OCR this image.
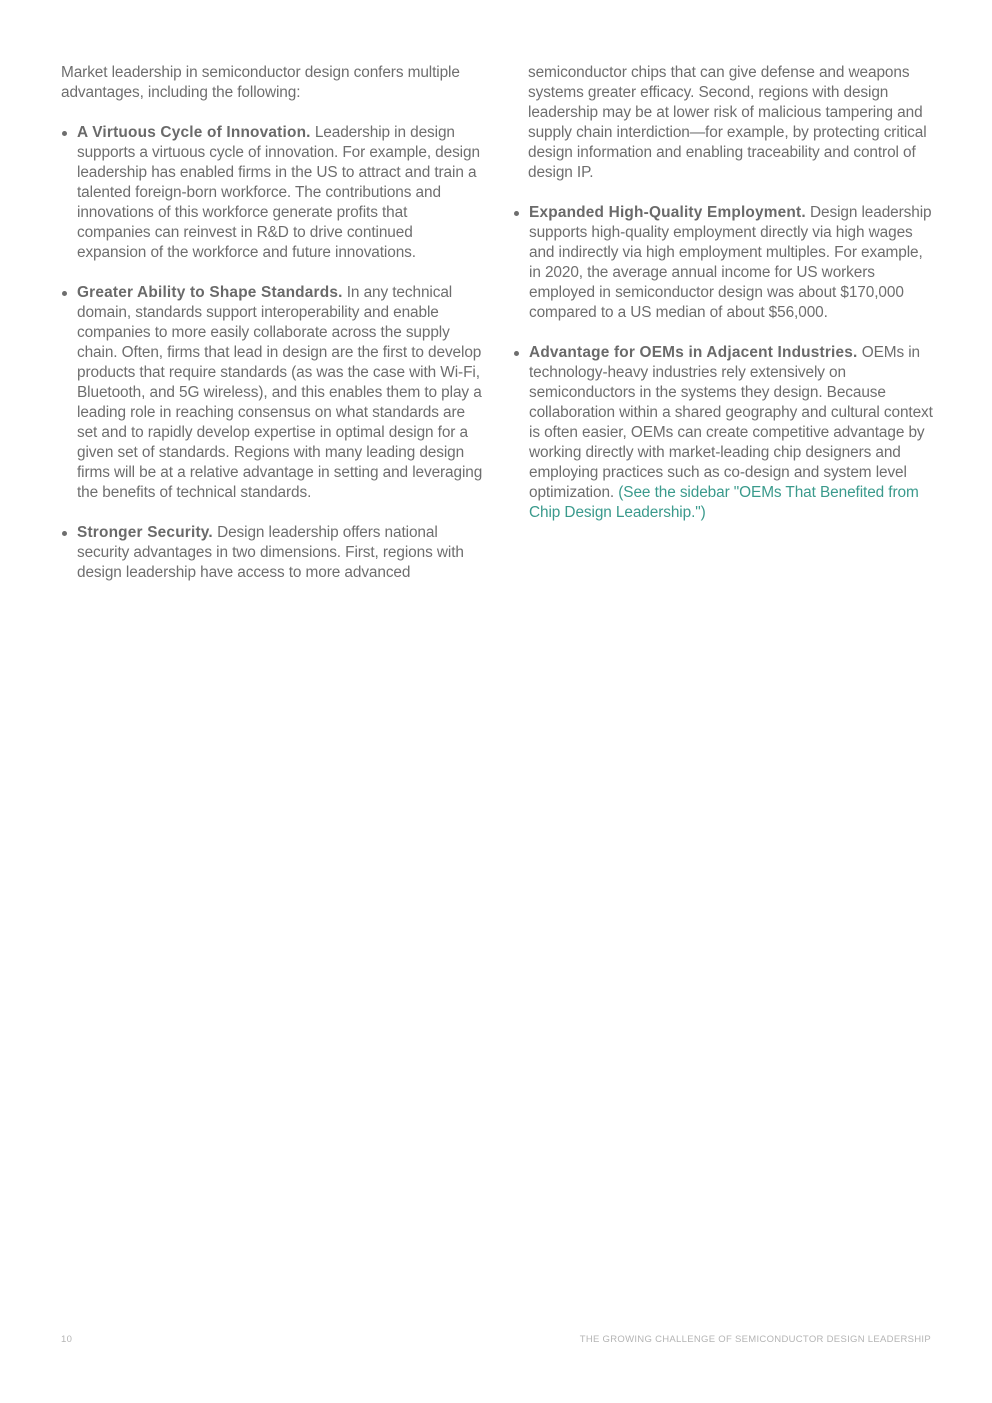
Market leadership in semiconductor design confers multiple advantages, including the following:

A Virtuous Cycle of Innovation. Leadership in design supports a virtuous cycle of innovation. For example, design leadership has enabled firms in the US to attract and train a talented foreign-born workforce. The contributions and innovations of this workforce generate profits that companies can reinvest in R&D to drive continued expansion of the workforce and future innovations.
Greater Ability to Shape Standards. In any technical domain, standards support interoperability and enable companies to more easily collaborate across the supply chain. Often, firms that lead in design are the first to develop products that require standards (as was the case with Wi-Fi, Bluetooth, and 5G wireless), and this enables them to play a leading role in reaching consensus on what standards are set and to rapidly develop expertise in optimal design for a given set of standards. Regions with many leading design firms will be at a relative advantage in setting and leveraging the benefits of technical standards.
Stronger Security. Design leadership offers national security advantages in two dimensions. First, regions with design leadership have access to more advanced

semiconductor chips that can give defense and weapons systems greater efficacy. Second, regions with design leadership may be at lower risk of malicious tampering and supply chain interdiction—for example, by protecting critical design information and enabling traceability and control of design IP.

Expanded High-Quality Employment. Design leadership supports high-quality employment directly via high wages and indirectly via high employment multiples. For example, in 2020, the average annual income for US workers employed in semiconductor design was about $170,000 compared to a US median of about $56,000.
Advantage for OEMs in Adjacent Industries. OEMs in technology-heavy industries rely extensively on semiconductors in the systems they design. Because collaboration within a shared geography and cultural context is often easier, OEMs can create competitive advantage by working directly with market-leading chip designers and employing practices such as co-design and system level optimization. (See the sidebar "OEMs That Benefited from Chip Design Leadership.")
10	THE GROWING CHALLENGE OF SEMICONDUCTOR DESIGN LEADERSHIP
